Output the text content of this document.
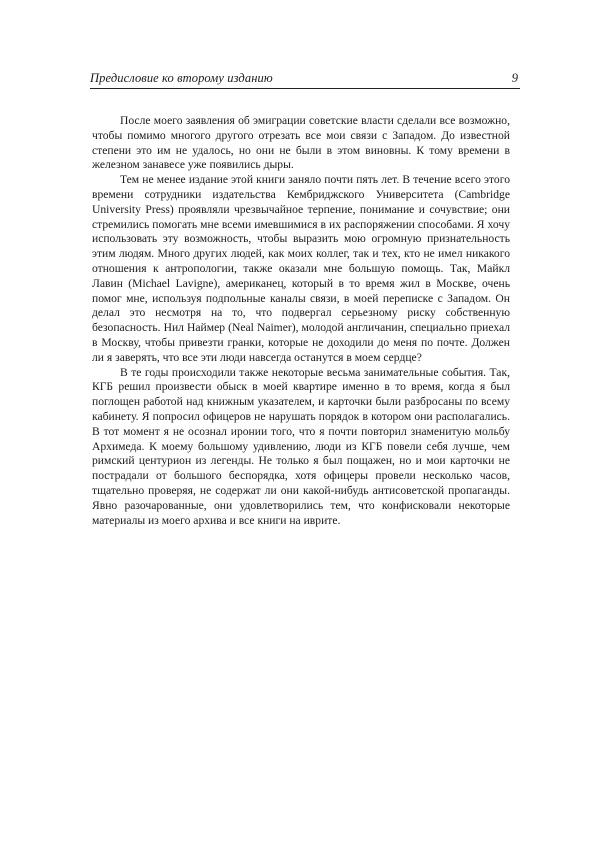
Предисловие ко второму изданию	9

После моего заявления об эмиграции советские власти сделали все возможно, чтобы помимо многого другого отрезать все мои связи с Западом. До известной степени это им не удалось, но они не были в этом виновны. К тому времени в железном занавесе уже появились дыры.

Тем не менее издание этой книги заняло почти пять лет. В течение всего этого времени сотрудники издательства Кембриджского Университета (Cambridge University Press) проявляли чрезвычайное терпение, понимание и сочувствие; они стремились помогать мне всеми имевшимися в их распоряжении способами. Я хочу использовать эту возможность, чтобы выразить мою огромную признательность этим людям. Много других людей, как моих коллег, так и тех, кто не имел никакого отношения к антропологии, также оказали мне большую помощь. Так, Майкл Лавин (Michael Lavigne), американец, который в то время жил в Москве, очень помог мне, используя подпольные каналы связи, в моей переписке с Западом. Он делал это несмотря на то, что подвергал серьезному риску собственную безопасность. Нил Наймер (Neal Naimer), молодой англичанин, специально приехал в Москву, чтобы привезти гранки, которые не доходили до меня по почте. Должен ли я заверять, что все эти люди навсегда останутся в моем сердце?

В те годы происходили также некоторые весьма занимательные события. Так, КГБ решил произвести обыск в моей квартире именно в то время, когда я был поглощен работой над книжным указателем, и карточки были разбросаны по всему кабинету. Я попросил офицеров не нарушать порядок в котором они располагались. В тот момент я не осознал иронии того, что я почти повторил знаменитую мольбу Архимеда. К моему большому удивлению, люди из КГБ повели себя лучше, чем римский центурион из легенды. Не только я был пощажен, но и мои карточки не пострадали от большого беспорядка, хотя офицеры провели несколько часов, тщательно проверяя, не содержат ли они какой-нибудь антисоветской пропаганды. Явно разочарованные, они удовлетворились тем, что конфисковали некоторые материалы из моего архива и все книги на иврите.
